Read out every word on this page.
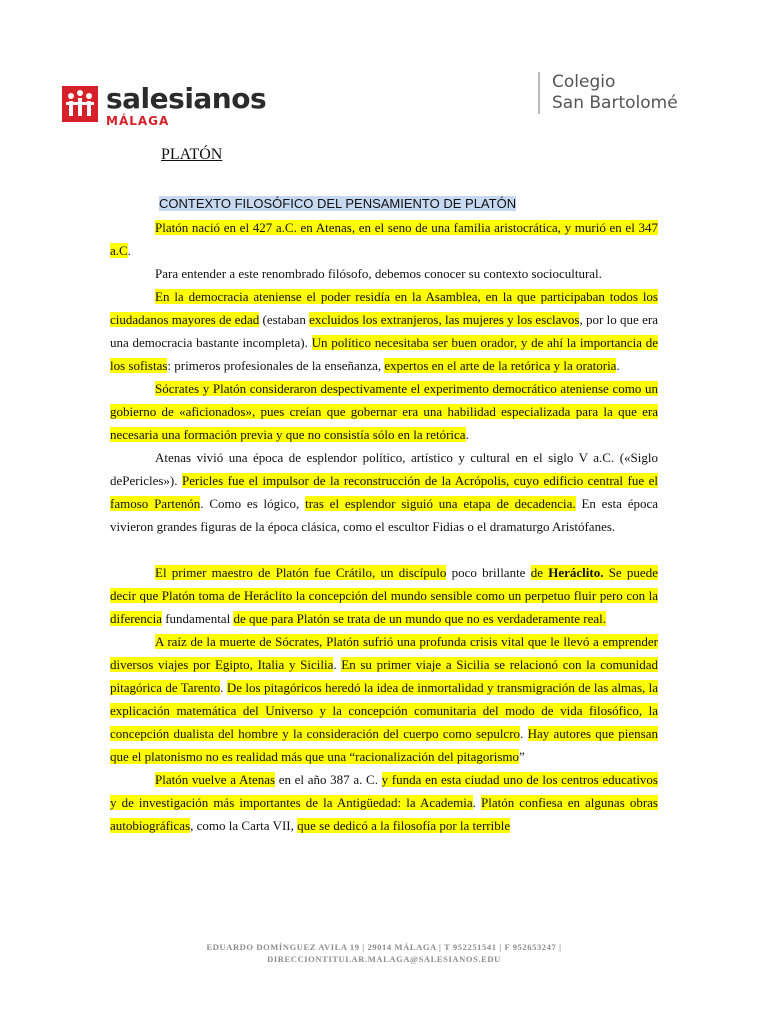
salesianos
MÁLAGA
Colegio
San Bartolomé
PLATÓN
CONTEXTO FILOSÓFICO DEL PENSAMIENTO DE PLATÓN

Platón nació en el 427 a.C. en Atenas, en el seno de una familia aristocrática, y murió en el 347 a.C.

Para entender a este renombrado filósofo, debemos conocer su contexto sociocultural.

En la democracia ateniense el poder residía en la Asamblea, en la que participaban todos los ciudadanos mayores de edad (estaban excluidos los extranjeros, las mujeres y los esclavos, por lo que era una democracia bastante incompleta). Un político necesitaba ser buen orador, y de ahí la importancia de los sofistas: primeros profesionales de la enseñanza, expertos en el arte de la retórica y la oratoria.

Sócrates y Platón consideraron despectivamente el experimento democrático ateniense como un gobierno de «aficionados», pues creían que gobernar era una habilidad especializada para la que era necesaria una formación previa y que no consistía sólo en la retórica.

Atenas vivió una época de esplendor político, artístico y cultural en el siglo V a.C. («Siglo dePericles»). Pericles fue el impulsor de la reconstrucción de la Acrópolis, cuyo edificio central fue el famoso Partenón. Como es lógico, tras el esplendor siguió una etapa de decadencia. En esta época vivieron grandes figuras de la época clásica, como el escultor Fidias o el dramaturgo Aristófanes.

El primer maestro de Platón fue Crátilo, un discípulo poco brillante de Heráclito. Se puede decir que Platón toma de Heráclito la concepción del mundo sensible como un perpetuo fluir pero con la diferencia fundamental de que para Platón se trata de un mundo que no es verdaderamente real.

A raíz de la muerte de Sócrates, Platón sufrió una profunda crisis vital que le llevó a emprender diversos viajes por Egipto, Italia y Sicilia. En su primer viaje a Sicilia se relacionó con la comunidad pitagórica de Tarento. De los pitagóricos heredó la idea de inmortalidad y transmigración de las almas, la explicación matemática del Universo y la concepción comunitaria del modo de vida filosófico, la concepción dualista del hombre y la consideración del cuerpo como sepulcro. Hay autores que piensan que el platonismo no es realidad más que una “racionalización del pitagorismo”

Platón vuelve a Atenas en el año 387 a. C. y funda en esta ciudad uno de los centros educativos y de investigación más importantes de la Antigüedad: la Academia. Platón confiesa en algunas obras autobiográficas, como la Carta VII, que se dedicó a la filosofía por la terrible

EDUARDO DOMÍNGUEZ AVILA 19 | 29014 MÁLAGA | T 952251541 | F 952653247 |
DIRECCIONTITULAR.MALAGA@SALESIANOS.EDU
